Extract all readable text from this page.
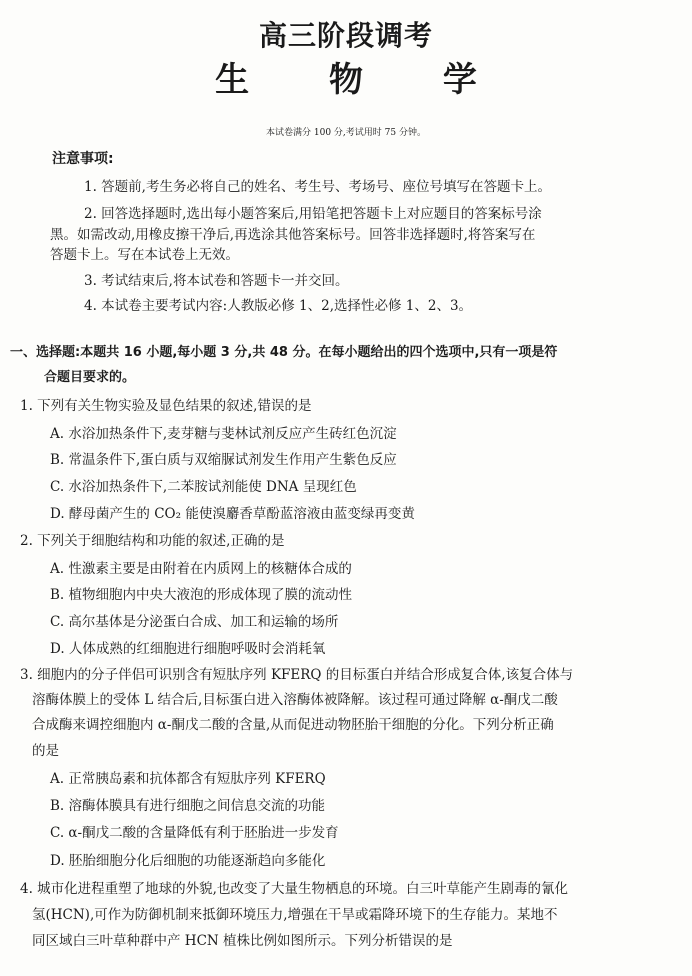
高三阶段调考
生 物 学
本试卷满分 100 分,考试用时 75 分钟。
注意事项:
1. 答题前,考生务必将自己的姓名、考生号、考场号、座位号填写在答题卡上。
2. 回答选择题时,选出每小题答案后,用铅笔把答题卡上对应题目的答案标号涂
黑。如需改动,用橡皮擦干净后,再选涂其他答案标号。回答非选择题时,将答案写在
答题卡上。写在本试卷上无效。
3. 考试结束后,将本试卷和答题卡一并交回。
4. 本试卷主要考试内容:人教版必修 1、2,选择性必修 1、2、3。
一、选择题:本题共 16 小题,每小题 3 分,共 48 分。在每小题给出的四个选项中,只有一项是符
合题目要求的。
1. 下列有关生物实验及显色结果的叙述,错误的是
A. 水浴加热条件下,麦芽糖与斐林试剂反应产生砖红色沉淀
B. 常温条件下,蛋白质与双缩脲试剂发生作用产生紫色反应
C. 水浴加热条件下,二苯胺试剂能使 DNA 呈现红色
D. 酵母菌产生的 CO₂ 能使溴麝香草酚蓝溶液由蓝变绿再变黄
2. 下列关于细胞结构和功能的叙述,正确的是
A. 性激素主要是由附着在内质网上的核糖体合成的
B. 植物细胞内中央大液泡的形成体现了膜的流动性
C. 高尔基体是分泌蛋白合成、加工和运输的场所
D. 人体成熟的红细胞进行细胞呼吸时会消耗氧
3. 细胞内的分子伴侣可识别含有短肽序列 KFERQ 的目标蛋白并结合形成复合体,该复合体与
溶酶体膜上的受体 L 结合后,目标蛋白进入溶酶体被降解。该过程可通过降解 α-酮戊二酸
合成酶来调控细胞内 α-酮戊二酸的含量,从而促进动物胚胎干细胞的分化。下列分析正确
的是
A. 正常胰岛素和抗体都含有短肽序列 KFERQ
B. 溶酶体膜具有进行细胞之间信息交流的功能
C. α-酮戊二酸的含量降低有利于胚胎进一步发育
D. 胚胎细胞分化后细胞的功能逐渐趋向多能化
4. 城市化进程重塑了地球的外貌,也改变了大量生物栖息的环境。白三叶草能产生剧毒的氰化
氢(HCN),可作为防御机制来抵御环境压力,增强在干旱或霜降环境下的生存能力。某地不
同区域白三叶草种群中产 HCN 植株比例如图所示。下列分析错误的是
